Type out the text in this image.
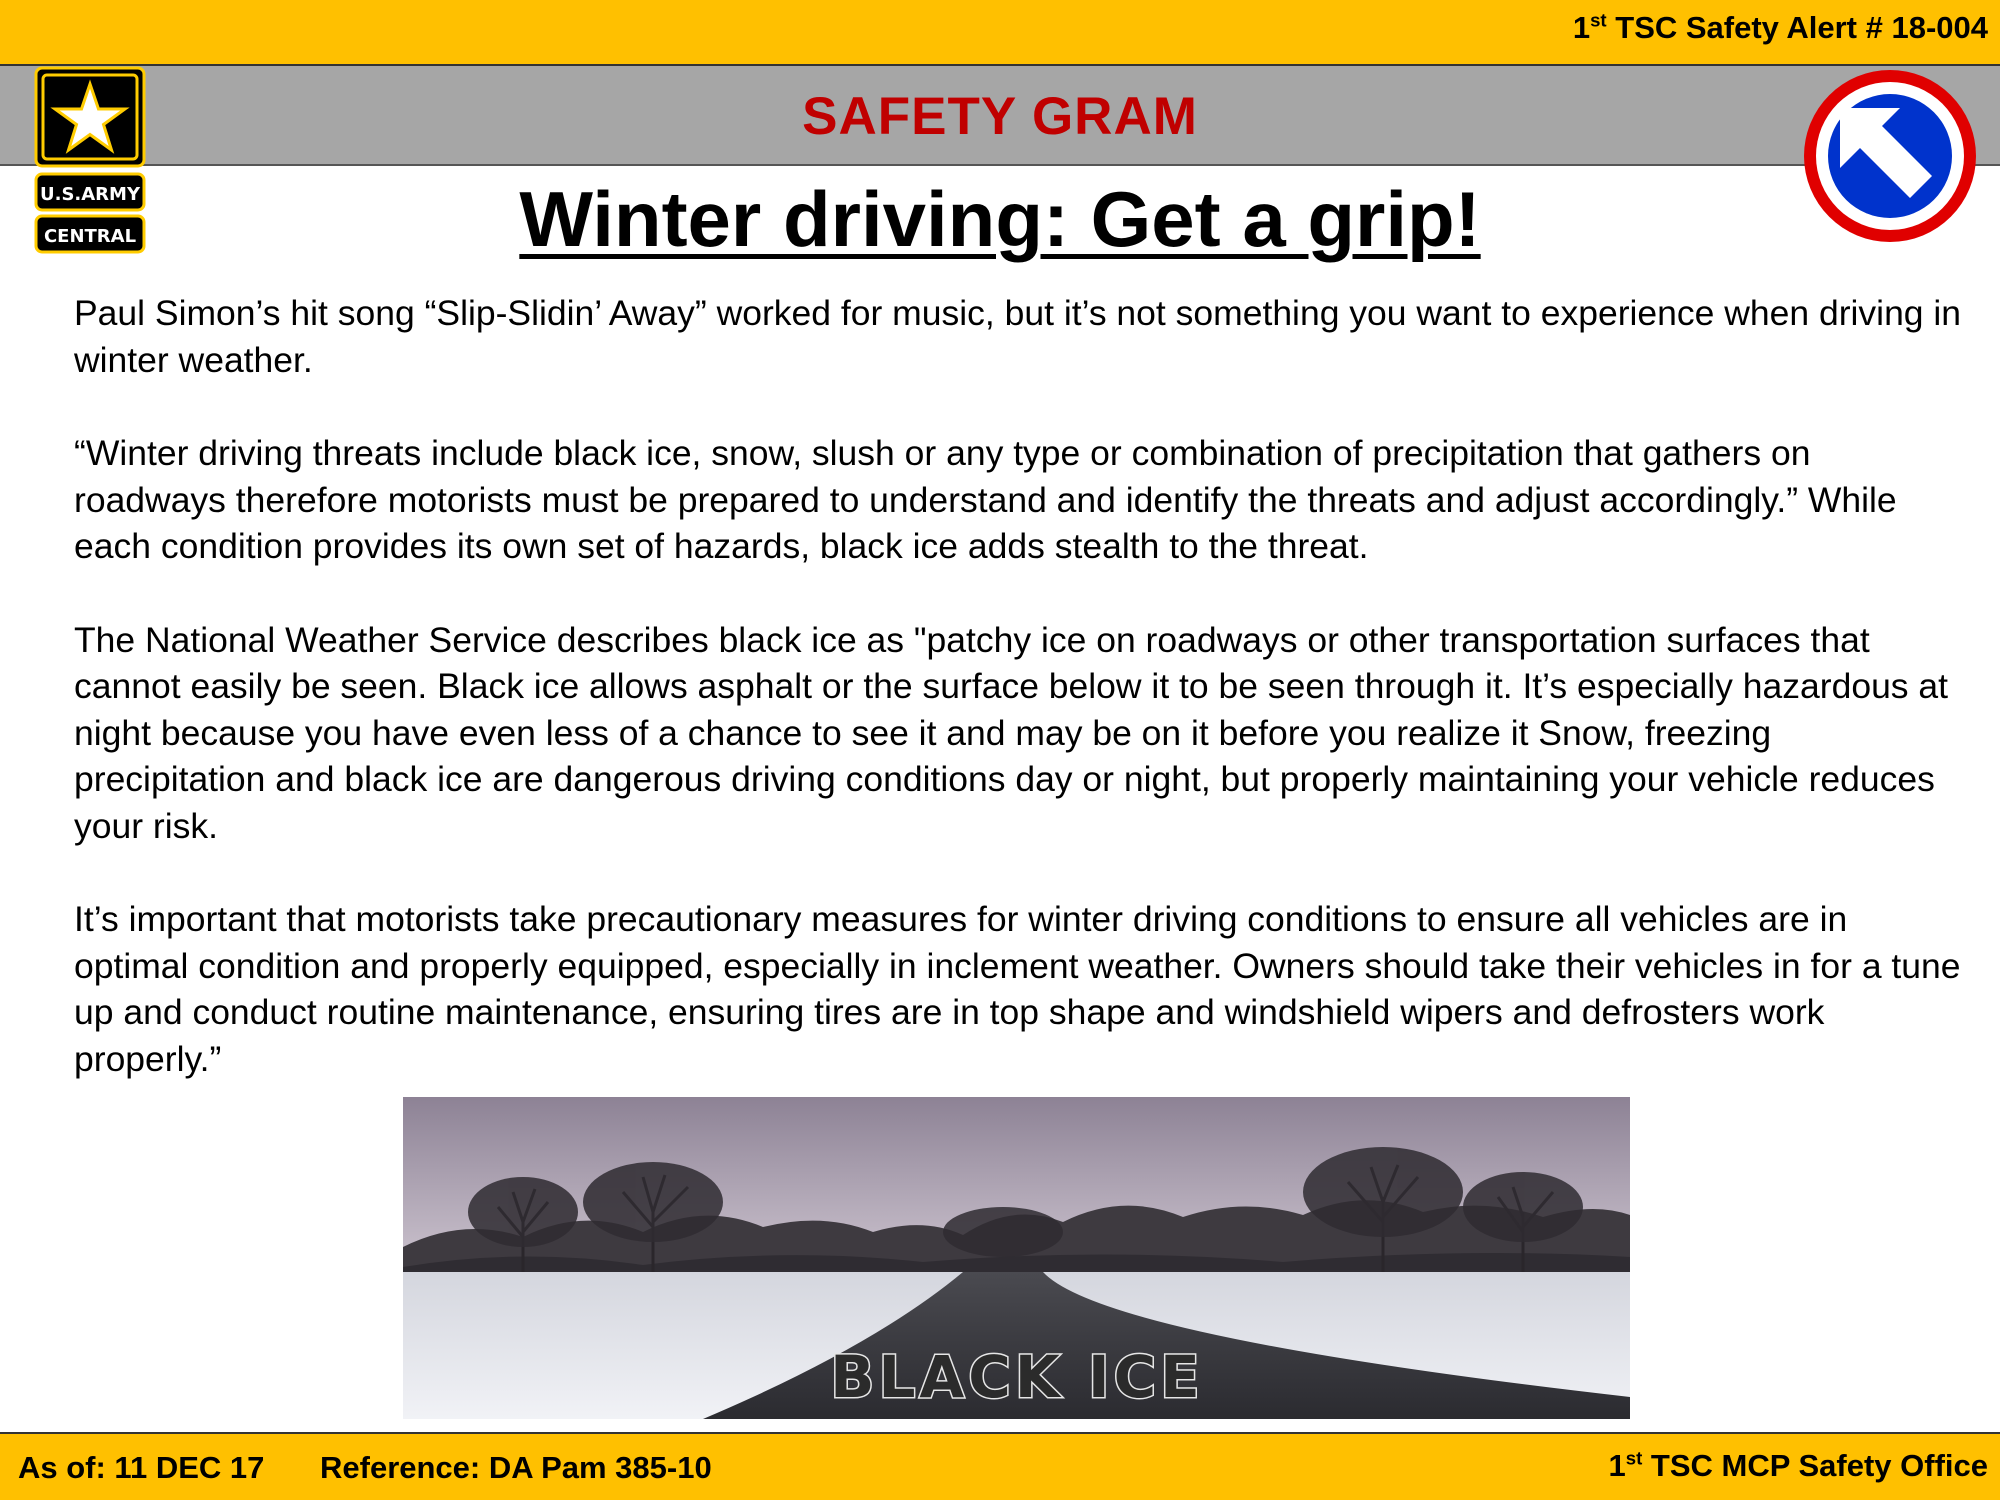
1st TSC Safety Alert # 18-004
SAFETY GRAM
U.S.ARMY
CENTRAL	Winter driving: Get a grip!

Paul Simon’s hit song “Slip-Slidin’ Away” worked for music, but it’s not something you want to experience when driving in winter weather.

“Winter driving threats include black ice, snow, slush or any type or combination of precipitation that gathers on roadways therefore motorists must be prepared to understand and identify the threats and adjust accordingly.” While each condition provides its own set of hazards, black ice adds stealth to the threat.

The National Weather Service describes black ice as "patchy ice on roadways or other transportation surfaces that cannot easily be seen. Black ice allows asphalt or the surface below it to be seen through it. It’s especially hazardous at night because you have even less of a chance to see it and may be on it before you realize it Snow, freezing precipitation and black ice are dangerous driving conditions day or night, but properly maintaining your vehicle reduces your risk.

It’s important that motorists take precautionary measures for winter driving conditions to ensure all vehicles are in optimal condition and properly equipped, especially in inclement weather. Owners should take their vehicles in for a tune up and conduct routine maintenance, ensuring tires are in top shape and windshield wipers and defrosters work properly.”

BLACK ICE
As of: 11 DEC 17 Reference: DA Pam 385-10	1st TSC MCP Safety Office
